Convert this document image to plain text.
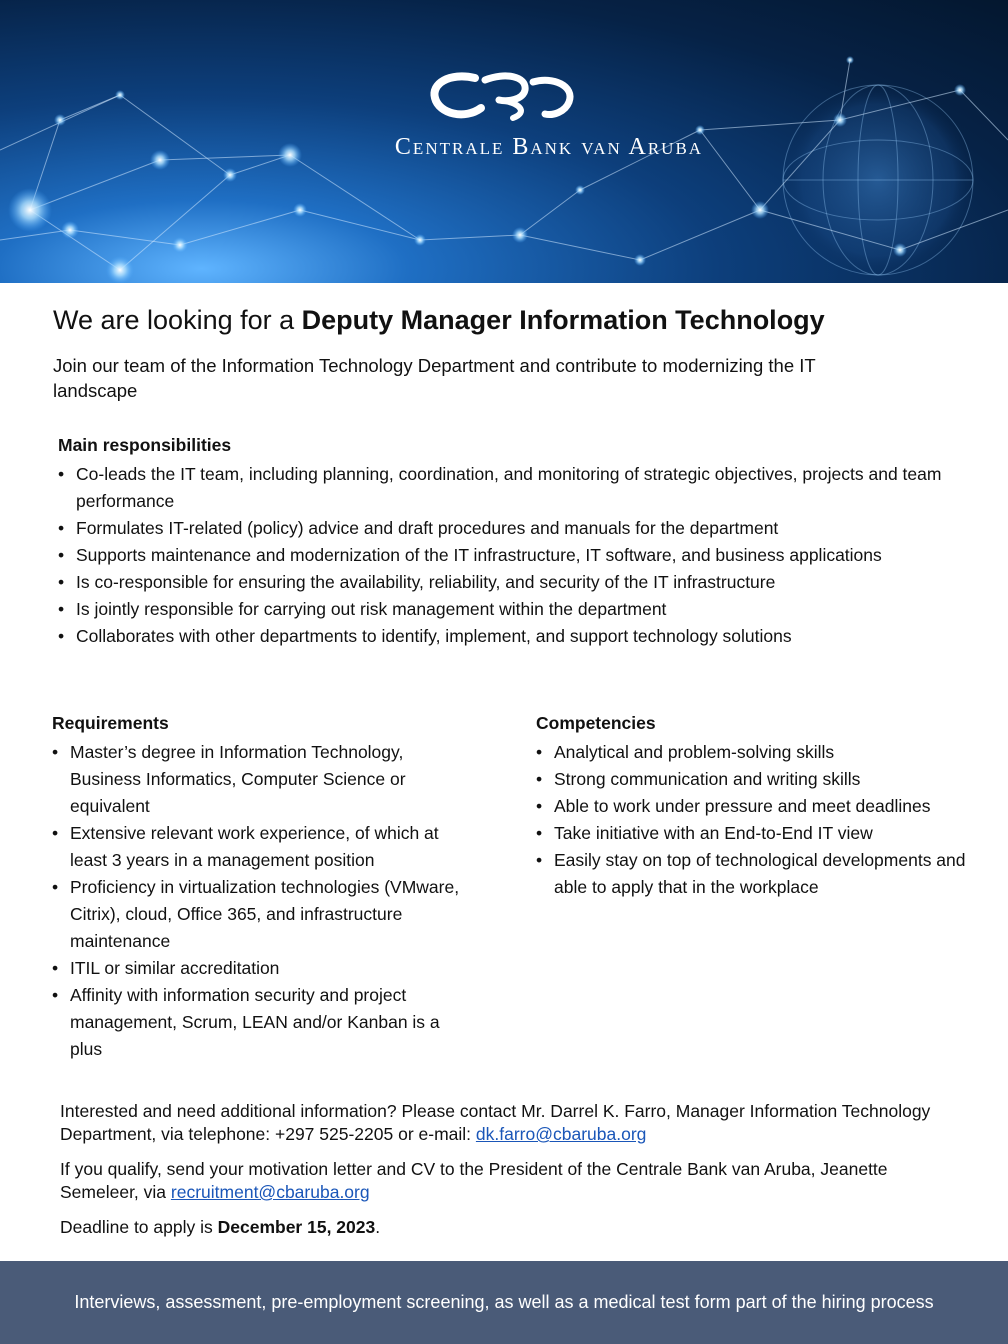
Centrale Bank van Aruba
We are looking for a Deputy Manager Information Technology
Join our team of the Information Technology Department and contribute to modernizing the IT landscape
Main responsibilities
• Co-leads the IT team, including planning, coordination, and monitoring of strategic objectives, projects and team performance
• Formulates IT-related (policy) advice and draft procedures and manuals for the department
• Supports maintenance and modernization of the IT infrastructure, IT software, and business applications
• Is co-responsible for ensuring the availability, reliability, and security of the IT infrastructure
• Is jointly responsible for carrying out risk management within the department
• Collaborates with other departments to identify, implement, and support technology solutions
Requirements
• Master’s degree in Information Technology, Business Informatics, Computer Science or equivalent
• Extensive relevant work experience, of which at least 3 years in a management position
• Proficiency in virtualization technologies (VMware, Citrix), cloud, Office 365, and infrastructure maintenance
• ITIL or similar accreditation
• Affinity with information security and project management, Scrum, LEAN and/or Kanban is a plus
Competencies
• Analytical and problem-solving skills
• Strong communication and writing skills
• Able to work under pressure and meet deadlines
• Take initiative with an End-to-End IT view
• Easily stay on top of technological developments and able to apply that in the workplace

Interested and need additional information? Please contact Mr. Darrel K. Farro, Manager Information Technology Department, via telephone: +297 525-2205 or e-mail: dk.farro@cbaruba.org

If you qualify, send your motivation letter and CV to the President of the Centrale Bank van Aruba, Jeanette Semeleer, via recruitment@cbaruba.org

Deadline to apply is December 15, 2023.

Interviews, assessment, pre-employment screening, as well as a medical test form part of the hiring process
